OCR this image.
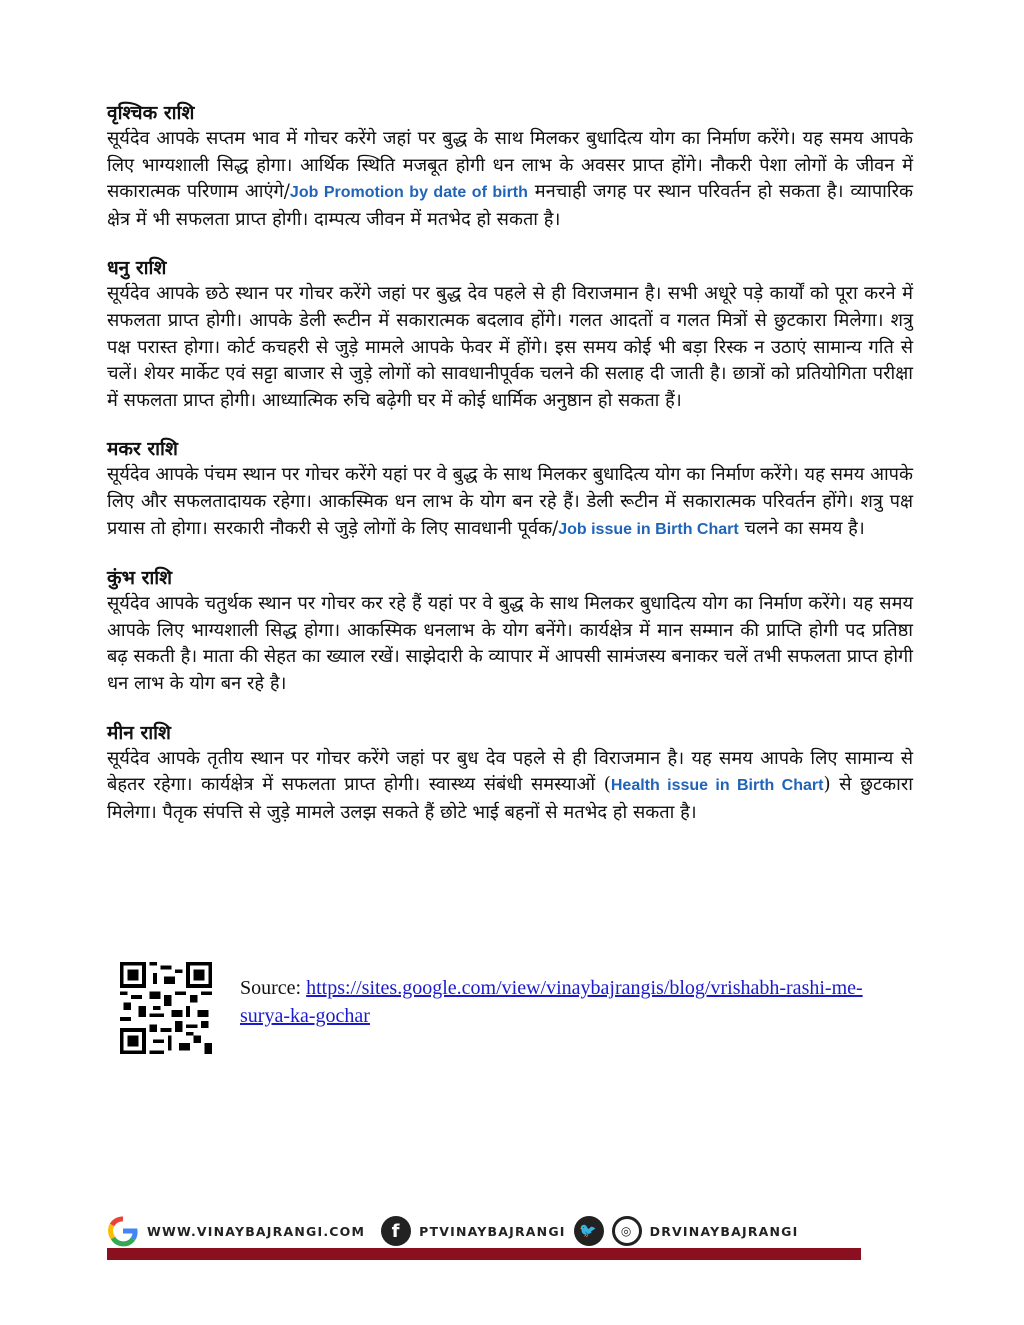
वृश्चिक राशि

सूर्यदेव आपके सप्तम भाव में गोचर करेंगे जहां पर बुद्ध के साथ मिलकर बुधादित्य योग का निर्माण करेंगे। यह समय आपके लिए भाग्यशाली सिद्ध होगा। आर्थिक स्थिति मजबूत होगी धन लाभ के अवसर प्राप्त होंगे। नौकरी पेशा लोगों के जीवन में सकारात्मक परिणाम आएंगे/Job Promotion by date of birth मनचाही जगह पर स्थान परिवर्तन हो सकता है। व्यापारिक क्षेत्र में भी सफलता प्राप्त होगी। दाम्पत्य जीवन में मतभेद हो सकता है।

धनु राशि

सूर्यदेव आपके छठे स्थान पर गोचर करेंगे जहां पर बुद्ध देव पहले से ही विराजमान है। सभी अधूरे पड़े कार्यों को पूरा करने में सफलता प्राप्त होगी। आपके डेली रूटीन में सकारात्मक बदलाव होंगे। गलत आदतों व गलत मित्रों से छुटकारा मिलेगा। शत्रु पक्ष परास्त होगा। कोर्ट कचहरी से जुड़े मामले आपके फेवर में होंगे। इस समय कोई भी बड़ा रिस्क न उठाएं सामान्य गति से चलें। शेयर मार्केट एवं सट्टा बाजार से जुड़े लोगों को सावधानीपूर्वक चलने की सलाह दी जाती है। छात्रों को प्रतियोगिता परीक्षा में सफलता प्राप्त होगी। आध्यात्मिक रुचि बढ़ेगी घर में कोई धार्मिक अनुष्ठान हो सकता हैं।

मकर राशि

सूर्यदेव आपके पंचम स्थान पर गोचर करेंगे यहां पर वे बुद्ध के साथ मिलकर बुधादित्य योग का निर्माण करेंगे। यह समय आपके लिए और सफलतादायक रहेगा। आकस्मिक धन लाभ के योग बन रहे हैं। डेली रूटीन में सकारात्मक परिवर्तन होंगे। शत्रु पक्ष प्रयास तो होगा। सरकारी नौकरी से जुड़े लोगों के लिए सावधानी पूर्वक/Job issue in Birth Chart चलने का समय है।

कुंभ राशि

सूर्यदेव आपके चतुर्थक स्थान पर गोचर कर रहे हैं यहां पर वे बुद्ध के साथ मिलकर बुधादित्य योग का निर्माण करेंगे। यह समय आपके लिए भाग्यशाली सिद्ध होगा। आकस्मिक धनलाभ के योग बनेंगे। कार्यक्षेत्र में मान सम्मान की प्राप्ति होगी पद प्रतिष्ठा बढ़ सकती है। माता की सेहत का ख्याल रखें। साझेदारी के व्यापार में आपसी सामंजस्य बनाकर चलें तभी सफलता प्राप्त होगी धन लाभ के योग बन रहे है।

मीन राशि

सूर्यदेव आपके तृतीय स्थान पर गोचर करेंगे जहां पर बुध देव पहले से ही विराजमान है। यह समय आपके लिए सामान्य से बेहतर रहेगा। कार्यक्षेत्र में सफलता प्राप्त होगी। स्वास्थ्य संबंधी समस्याओं (Health issue in Birth Chart) से छुटकारा मिलेगा। पैतृक संपत्ति से जुड़े मामले उलझ सकते हैं छोटे भाई बहनों से मतभेद हो सकता है।

Source: https://sites.google.com/view/vinaybajrangis/blog/vrishabh-rashi-me-surya-ka-gochar
WWW.VINAYBAJRANGI.COM	f	PTVINAYBAJRANGI 🐦	◎	DRVINAYBAJRANGI
